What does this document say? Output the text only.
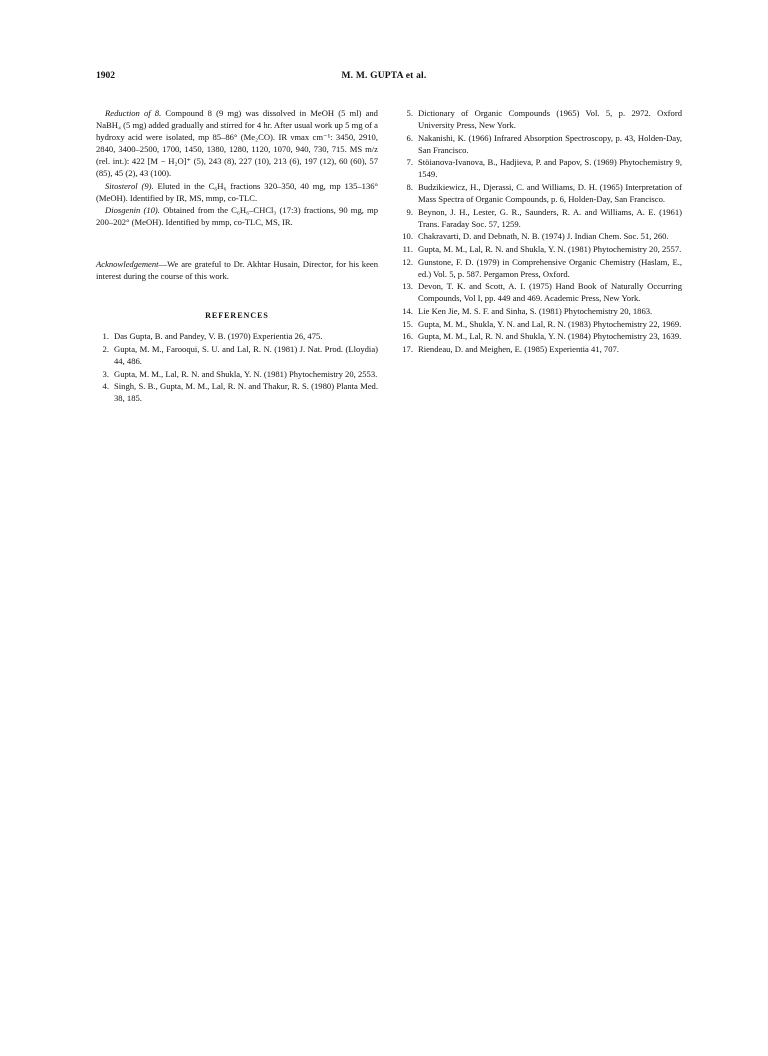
1902	M. M. GUPTA et al.

Reduction of 8. Compound 8 (9 mg) was dissolved in MeOH (5 ml) and NaBH₄ (5 mg) added gradually and stirred for 4 hr. After usual work up 5 mg of a hydroxy acid were isolated, mp 85–86° (Me₂CO). IR νmax cm⁻¹: 3450, 2910, 2840, 3400–2500, 1700, 1450, 1380, 1280, 1120, 1070, 940, 730, 715. MS m/z (rel. int.): 422 [M − H₂O]⁺ (5), 243 (8), 227 (10), 213 (6), 197 (12), 60 (60), 57 (85), 45 (2), 43 (100).

Sitosterol (9). Eluted in the C₆H₆ fractions 320–350, 40 mg, mp 135–136° (MeOH). Identified by IR, MS, mmp, co-TLC.

Diosgenin (10). Obtained from the C₆H₆–CHCl₃ (17:3) fractions, 90 mg, mp 200–202° (MeOH). Identified by mmp, co-TLC, MS, IR.

Acknowledgement—We are grateful to Dr. Akhtar Husain, Director, for his keen interest during the course of this work.

REFERENCES
1. Das Gupta, B. and Pandey, V. B. (1970) Experientia 26, 475.
2. Gupta, M. M., Farooqui, S. U. and Lal, R. N. (1981) J. Nat. Prod. (Lloydia) 44, 486.
3. Gupta, M. M., Lal, R. N. and Shukla, Y. N. (1981) Phytochemistry 20, 2553.
4. Singh, S. B., Gupta, M. M., Lal, R. N. and Thakur, R. S. (1980) Planta Med. 38, 185.
5. Dictionary of Organic Compounds (1965) Vol. 5, p. 2972. Oxford University Press, New York.
6. Nakanishi, K. (1966) Infrared Absorption Spectroscopy, p. 43, Holden-Day, San Francisco.
7. Stöianova-Ivanova, B., Hadjieva, P. and Papov, S. (1969) Phytochemistry 9, 1549.
8. Budzikiewicz, H., Djerassi, C. and Williams, D. H. (1965) Interpretation of Mass Spectra of Organic Compounds, p. 6, Holden-Day, San Francisco.
9. Beynon, J. H., Lester, G. R., Saunders, R. A. and Williams, A. E. (1961) Trans. Faraday Soc. 57, 1259.
10. Chakravarti, D. and Debnath, N. B. (1974) J. Indian Chem. Soc. 51, 260.
11. Gupta, M. M., Lal, R. N. and Shukla, Y. N. (1981) Phytochemistry 20, 2557.
12. Gunstone, F. D. (1979) in Comprehensive Organic Chemistry (Haslam, E., ed.) Vol. 5, p. 587. Pergamon Press, Oxford.
13. Devon, T. K. and Scott, A. I. (1975) Hand Book of Naturally Occurring Compounds, Vol I, pp. 449 and 469. Academic Press, New York.
14. Lie Ken Jie, M. S. F. and Sinha, S. (1981) Phytochemistry 20, 1863.
15. Gupta, M. M., Shukla, Y. N. and Lal, R. N. (1983) Phytochemistry 22, 1969.
16. Gupta, M. M., Lal, R. N. and Shukla, Y. N. (1984) Phytochemistry 23, 1639.
17. Riendeau, D. and Meighen, E. (1985) Experientia 41, 707.
